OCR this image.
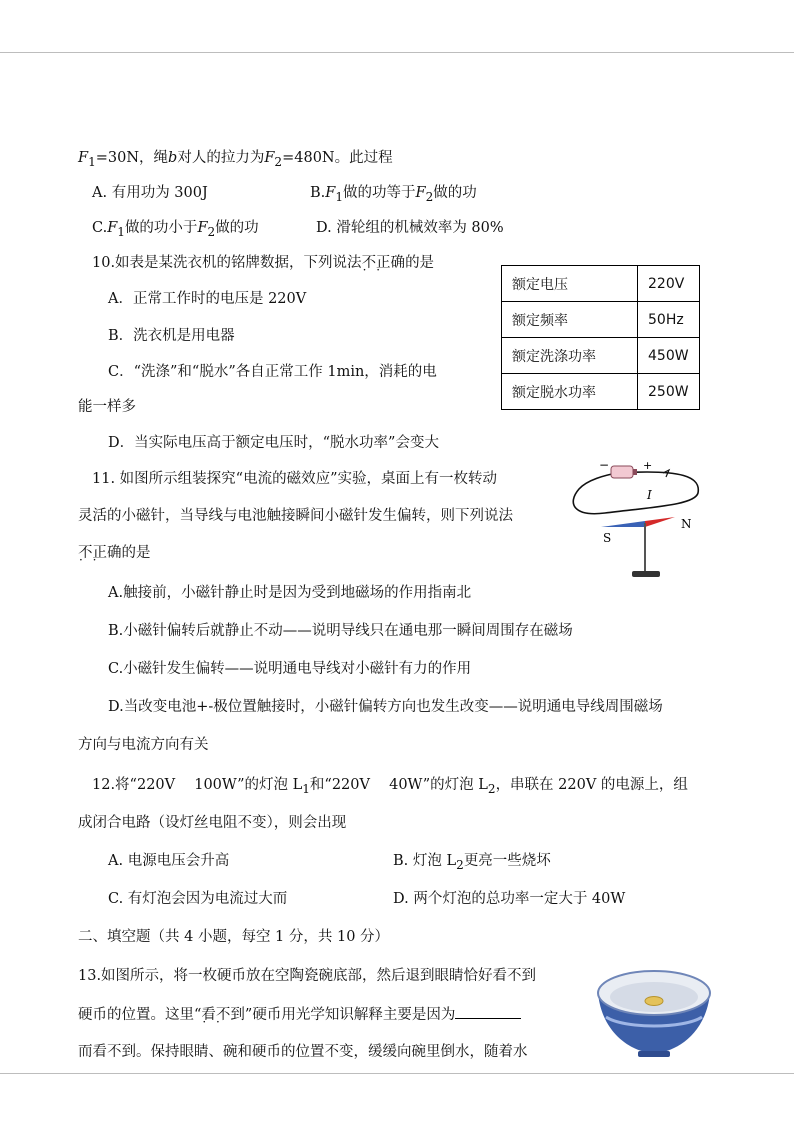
$F_1=30N$，绳b对人的拉力为$F_2=480N$。此过程
A. 有用功为 300J	$B.F_1$做的功等于$F_2$做的功
$C.F_1$做的功小于$F_2$做的功	D. 滑轮组的机械效率为 80%
10.如表是某洗衣机的铭牌数据，下列说法不正确 · ·的是
A．正常工作时的电压是 220V
B．洗衣机是用电器
C．“洗涤”和“脱水”各自正常工作 1min，消耗的电
能一样多
D．当实际电压高于额定电压时，“脱水功率”会变大
额定电压	220V
额定频率	50Hz
额定洗涤功率	450W
额定脱水功率	250W
11. 如图所示组装探究“电流的磁效应”实验，桌面上有一枚转动
灵活的小磁针，当导线与电池触接瞬间小磁针发生偏转，则下列说法
不正确 · ·的是
A.触接前，小磁针静止时是因为受到地磁场的作用指南北
B.小磁针偏转后就静止不动——说明导线只在通电那一瞬间周围存在磁场
C.小磁针发生偏转——说明通电导线对小磁针有力的作用
D.当改变电池+-极位置触接时，小磁针偏转方向也发生改变——说明通电导线周围磁场
方向与电流方向有关
−	+
I
N
S
12.将“220V　 100W”的灯泡 $L_1$和“220V　 40W”的灯泡 $L_2$，串联在 220V 的电源上，组
成闭合电路（设灯丝电阻不变），则会出现
A. 电源电压会升高	B. 灯泡 $L_2$更亮一些烧坏
C. 有灯泡会因为电流过大而	D. 两个灯泡的总功率一定大于 40W
二、填空题（共 4 小题，每空 1 分，共 10 分）
13.如图所示，将一枚硬币放在空陶瓷碗底部，然后退到眼睛恰好看不到
硬币的位置。这里“看不到 · ·”硬币用光学知识解释主要是因为
而看不到。保持眼睛、碗和硬币的位置不变，缓缓向碗里倒水，随着水
